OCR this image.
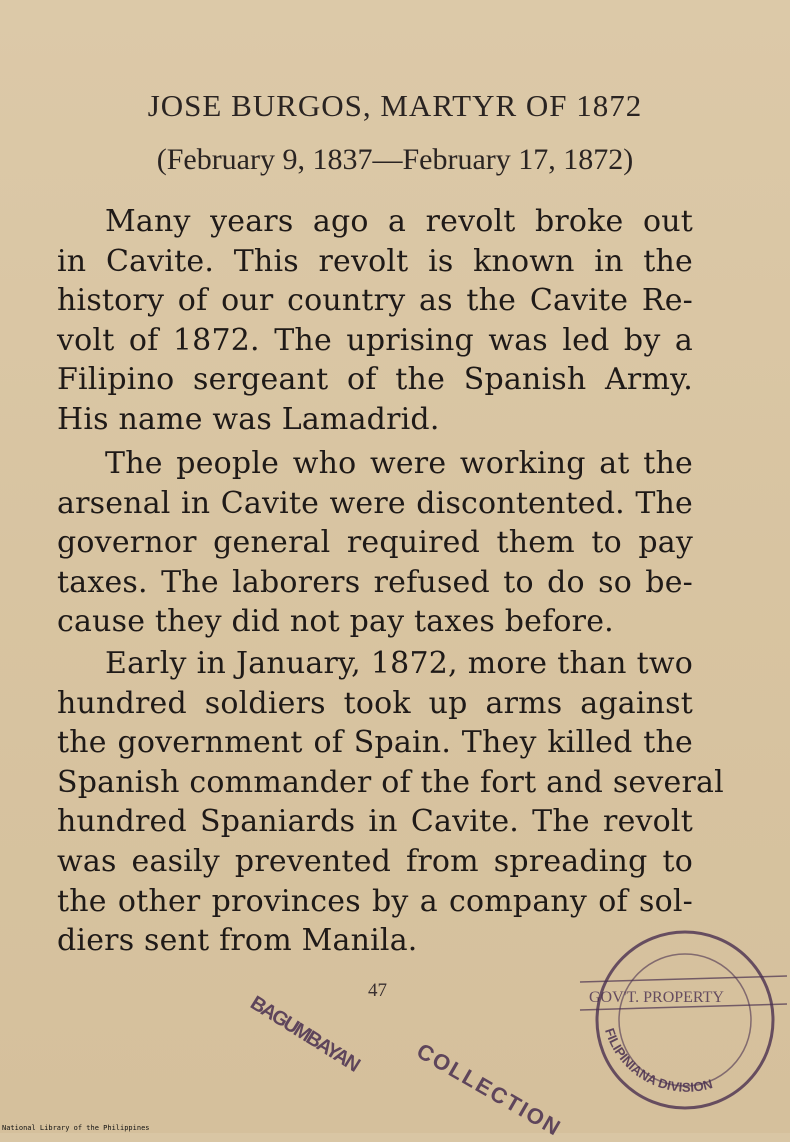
JOSE BURGOS, MARTYR OF 1872
(February 9, 1837—February 17, 1872)
Many years ago a revolt broke out
in Cavite. This revolt is known in the
history of our country as the Cavite Re-
volt of 1872. The uprising was led by a
Filipino sergeant of the Spanish Army.
His name was Lamadrid.
The people who were working at the
arsenal in Cavite were discontented. The
governor general required them to pay
taxes. The laborers refused to do so be-
cause they did not pay taxes before.
Early in January, 1872, more than two
hundred soldiers took up arms against
the government of Spain. They killed the
Spanish commander of the fort and several
hundred Spaniards in Cavite. The revolt
was easily prevented from spreading to
the other provinces by a company of sol-
diers sent from Manila.
47
BAGUMBAYAN
COLLECTION
GOV'T. PROPERTY
FILIPINIANA DIVISION
National Library of the Philippines
